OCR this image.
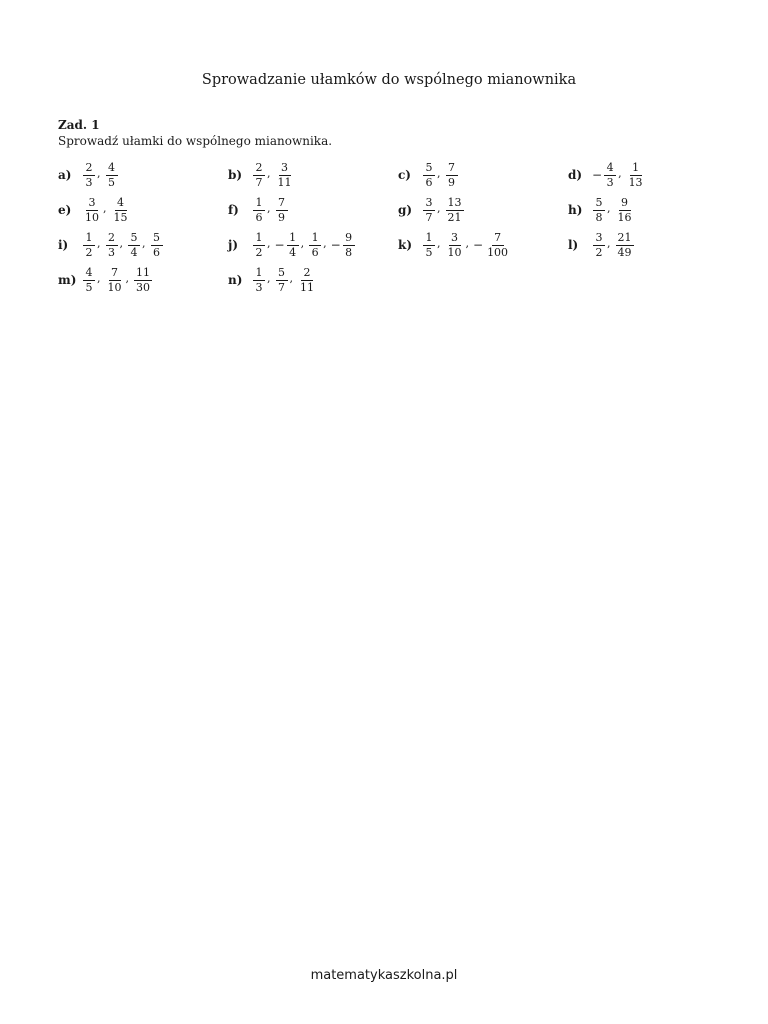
Sprowadzanie ułamków do wspólnego mianownika
Zad. 1
Sprowadź ułamki do wspólnego mianownika.
a)	$\frac{2}{3}$ , $\frac{4}{5}$	$b) \frac{2}{7}$ , $\frac{3}{11}$	c)	$\frac{5}{6}$ , $\frac{7}{9}$	$d) - \frac{4}{3}$ , $\frac{1}{13}$
e)	$\frac{3}{10}$ , $\frac{4}{15}$	f)	$\frac{1}{6}$ , $\frac{7}{9}$	$g) \frac{3}{7}$ , $\frac{13}{21}$	$h) \frac{5}{8}$ , $\frac{9}{16}$
i)	$\frac{1}{2}$ , $\frac{2}{3}$ , $\frac{5}{4}$ , $\frac{5}{6}$	j)	$\frac{1}{2}$ , − $\frac{1}{4}$ , $\frac{1}{6}$ , − $\frac{9}{8}$	k)	$\frac{1}{5}$ , $\frac{3}{10}$ , − $\frac{7}{100}$	l)	$\frac{3}{2}$ , $\frac{21}{49}$
$m) \frac{4}{5}$ , $\frac{7}{10}$ , $\frac{11}{30}$	$n) \frac{1}{3}$ , $\frac{5}{7}$ , $\frac{2}{11}$
matematykaszkolna.pl
